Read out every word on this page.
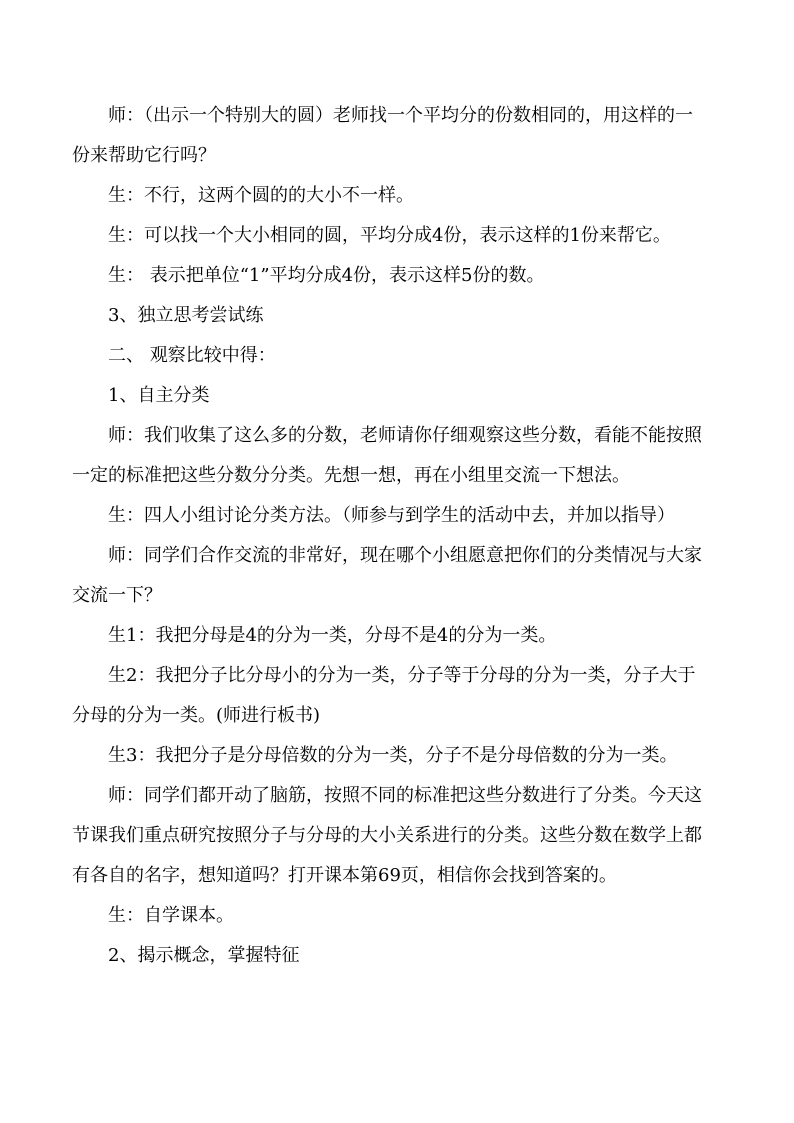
师：（出示一个特别大的圆）老师找一个平均分的份数相同的，用这样的一
份来帮助它行吗？

生：不行，这两个圆的的大小不一样。

生：可以找一个大小相同的圆，平均分成4份，表示这样的1份来帮它。

生： 表示把单位“1”平均分成4份，表示这样5份的数。

3、独立思考尝试练

二、 观察比较中得：

1、自主分类

师：我们收集了这么多的分数，老师请你仔细观察这些分数，看能不能按照
一定的标准把这些分数分分类。先想一想，再在小组里交流一下想法。

生：四人小组讨论分类方法。（师参与到学生的活动中去，并加以指导）

师：同学们合作交流的非常好，现在哪个小组愿意把你们的分类情况与大家
交流一下？

生1：我把分母是4的分为一类，分母不是4的分为一类。

生2：我把分子比分母小的分为一类，分子等于分母的分为一类，分子大于
分母的分为一类。(师进行板书)

生3：我把分子是分母倍数的分为一类，分子不是分母倍数的分为一类。

师：同学们都开动了脑筋，按照不同的标准把这些分数进行了分类。今天这
节课我们重点研究按照分子与分母的大小关系进行的分类。这些分数在数学上都
有各自的名字，想知道吗？打开课本第69页，相信你会找到答案的。

生：自学课本。

2、揭示概念，掌握特征
